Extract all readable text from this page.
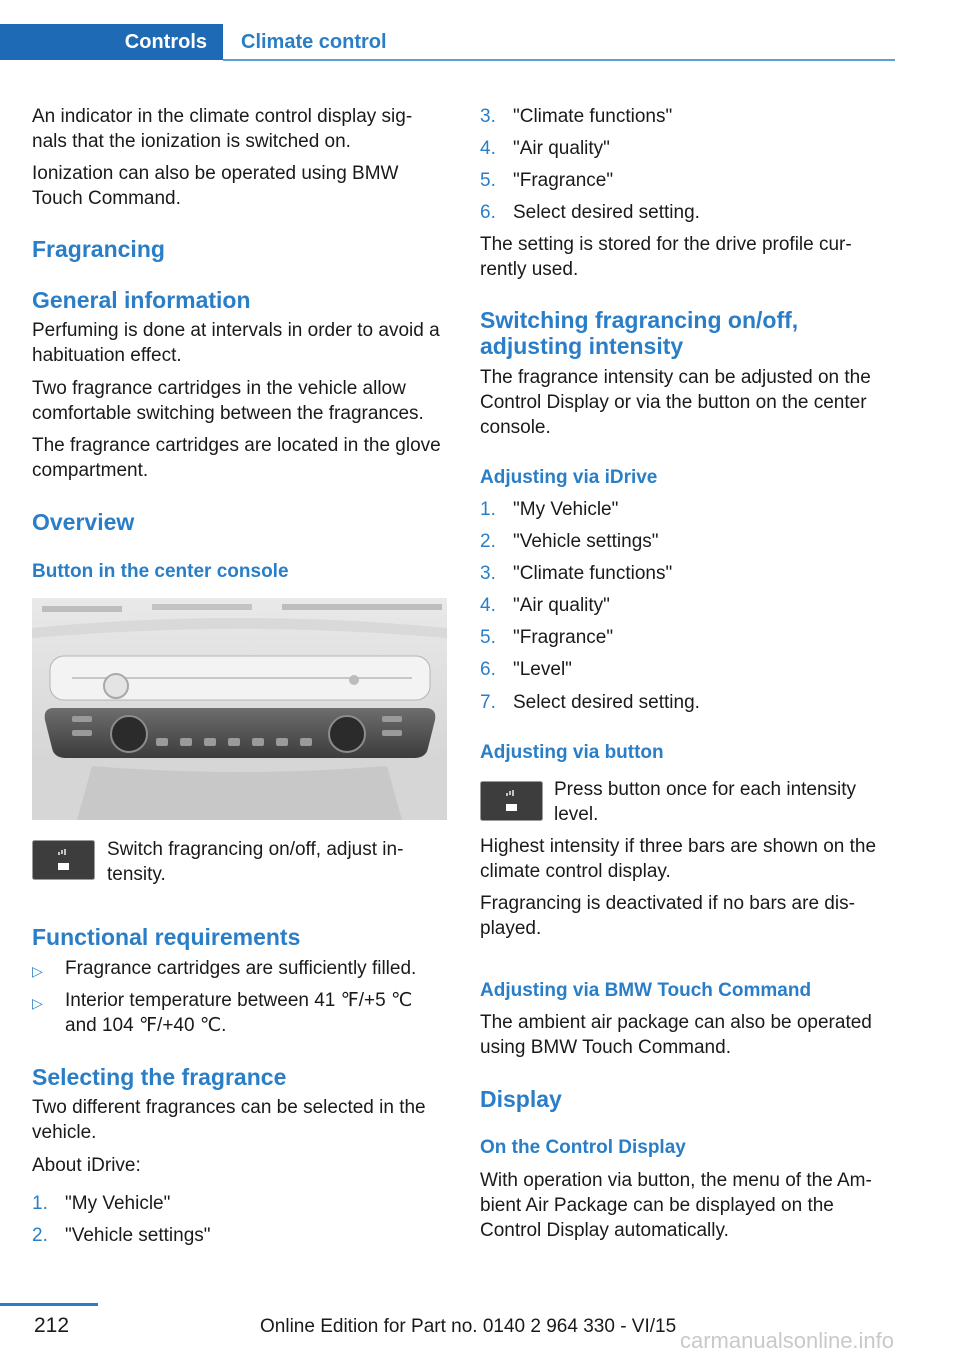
Controls	Climate control

An indicator in the climate control display sig‐ nals that the ionization is switched on.

Ionization can also be operated using BMW Touch Command.

Fragrancing
General information

Perfuming is done at intervals in order to avoid a habituation effect.

Two fragrance cartridges in the vehicle allow comfortable switching between the fragrances.

The fragrance cartridges are located in the glove compartment.

Overview
Button in the center console

Switch fragrancing on/off, adjust in‐ tensity.

Functional requirements
▷ Fragrance cartridges are sufficiently filled.
▷ Interior temperature between 41 ℉/+5 ℃ and 104 ℉/+40 ℃.
Selecting the fragrance

Two different fragrances can be selected in the vehicle.

About iDrive:

1. "My Vehicle"
2. "Vehicle settings"
3. "Climate functions"
4. "Air quality"
5. "Fragrance"
6. Select desired setting.

The setting is stored for the drive profile cur‐ rently used.

Switching fragrancing on/off, adjusting intensity

The fragrance intensity can be adjusted on the Control Display or via the button on the center console.

Adjusting via iDrive
1. "My Vehicle"
2. "Vehicle settings"
3. "Climate functions"
4. "Air quality"
5. "Fragrance"
6. "Level"
7. Select desired setting.
Adjusting via button

Press button once for each intensity level.

Highest intensity if three bars are shown on the climate control display.

Fragrancing is deactivated if no bars are dis‐ played.

Adjusting via BMW Touch Command

The ambient air package can also be operated using BMW Touch Command.

Display
On the Control Display

With operation via button, the menu of the Am‐ bient Air Package can be displayed on the Control Display automatically.

212	Online Edition for Part no. 0140 2 964 330 - VI/15
carmanualsonline.info
